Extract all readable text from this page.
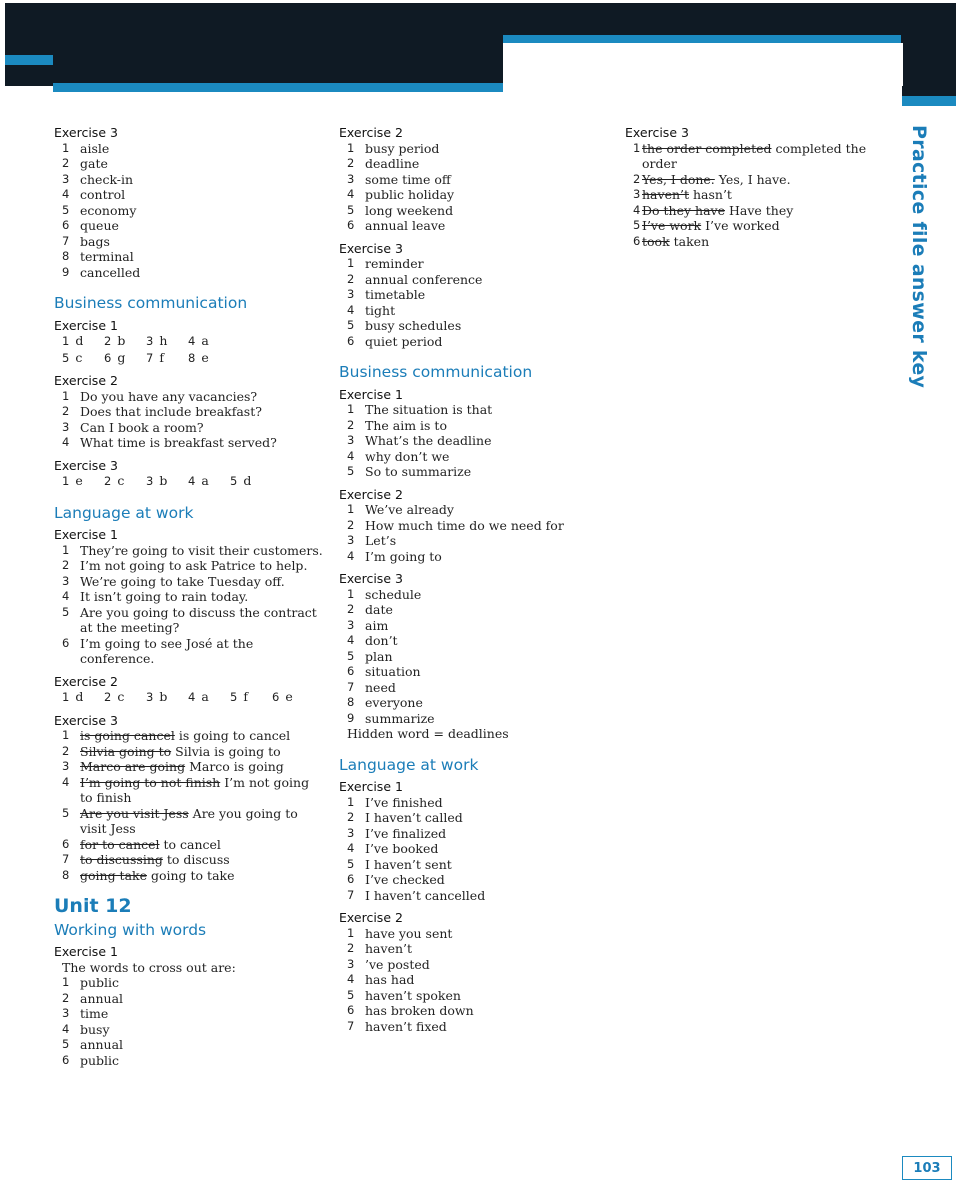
Practice file answer key
Exercise 3
1 aisle
2 gate
3 check-in
4 control
5 economy
6 queue
7 bags
8 terminal
9 cancelled
Business communication
Exercise 1
1 d	2 b	3 h	4 a
5 c	6 g	7 f	8 e
Exercise 2
1 Do you have any vacancies?
2 Does that include breakfast?
3 Can I book a room?
4 What time is breakfast served?
Exercise 3
1 e	2 c	3 b	4 a	5 d
Language at work
Exercise 1
1 They’re going to visit their customers.
2 I’m not going to ask Patrice to help.
3 We’re going to take Tuesday off.
4 It isn’t going to rain today.
5 Are you going to discuss the contract at the meeting?
6 I’m going to see José at the conference.
Exercise 2
1 d	2 c	3 b	4 a	5 f	6 e
Exercise 3
1 is going cancel is going to cancel
2 Silvia going to Silvia is going to
3 Marco are going Marco is going
4 I’m going to not finish I’m not going to finish
5 Are you visit Jess Are you going to visit Jess
6 for to cancel to cancel
7 to discussing to discuss
8 going take going to take
Unit 12
Working with words
Exercise 1
The words to cross out are:
1 public
2 annual
3 time
4 busy
5 annual
6 public
Exercise 2
1 busy period
2 deadline
3 some time off
4 public holiday
5 long weekend
6 annual leave
Exercise 3
1 reminder
2 annual conference
3 timetable
4 tight
5 busy schedules
6 quiet period
Business communication
Exercise 1
1 The situation is that
2 The aim is to
3 What’s the deadline
4 why don’t we
5 So to summarize
Exercise 2
1 We’ve already
2 How much time do we need for
3 Let’s
4 I’m going to
Exercise 3
1 schedule
2 date
3 aim
4 don’t
5 plan
6 situation
7 need
8 everyone
9 summarize
Hidden word = deadlines
Language at work
Exercise 1
1 I’ve finished
2 I haven’t called
3 I’ve finalized
4 I’ve booked
5 I haven’t sent
6 I’ve checked
7 I haven’t cancelled
Exercise 2
1 have you sent
2 haven’t
3 ’ve posted
4 has had
5 haven’t spoken
6 has broken down
7 haven’t fixed
Exercise 3
1 the order completed completed the order
2 Yes, I done. Yes, I have.
3 haven’t hasn’t
4 Do they have Have they
5 I’ve work I’ve worked
6 took taken
103
